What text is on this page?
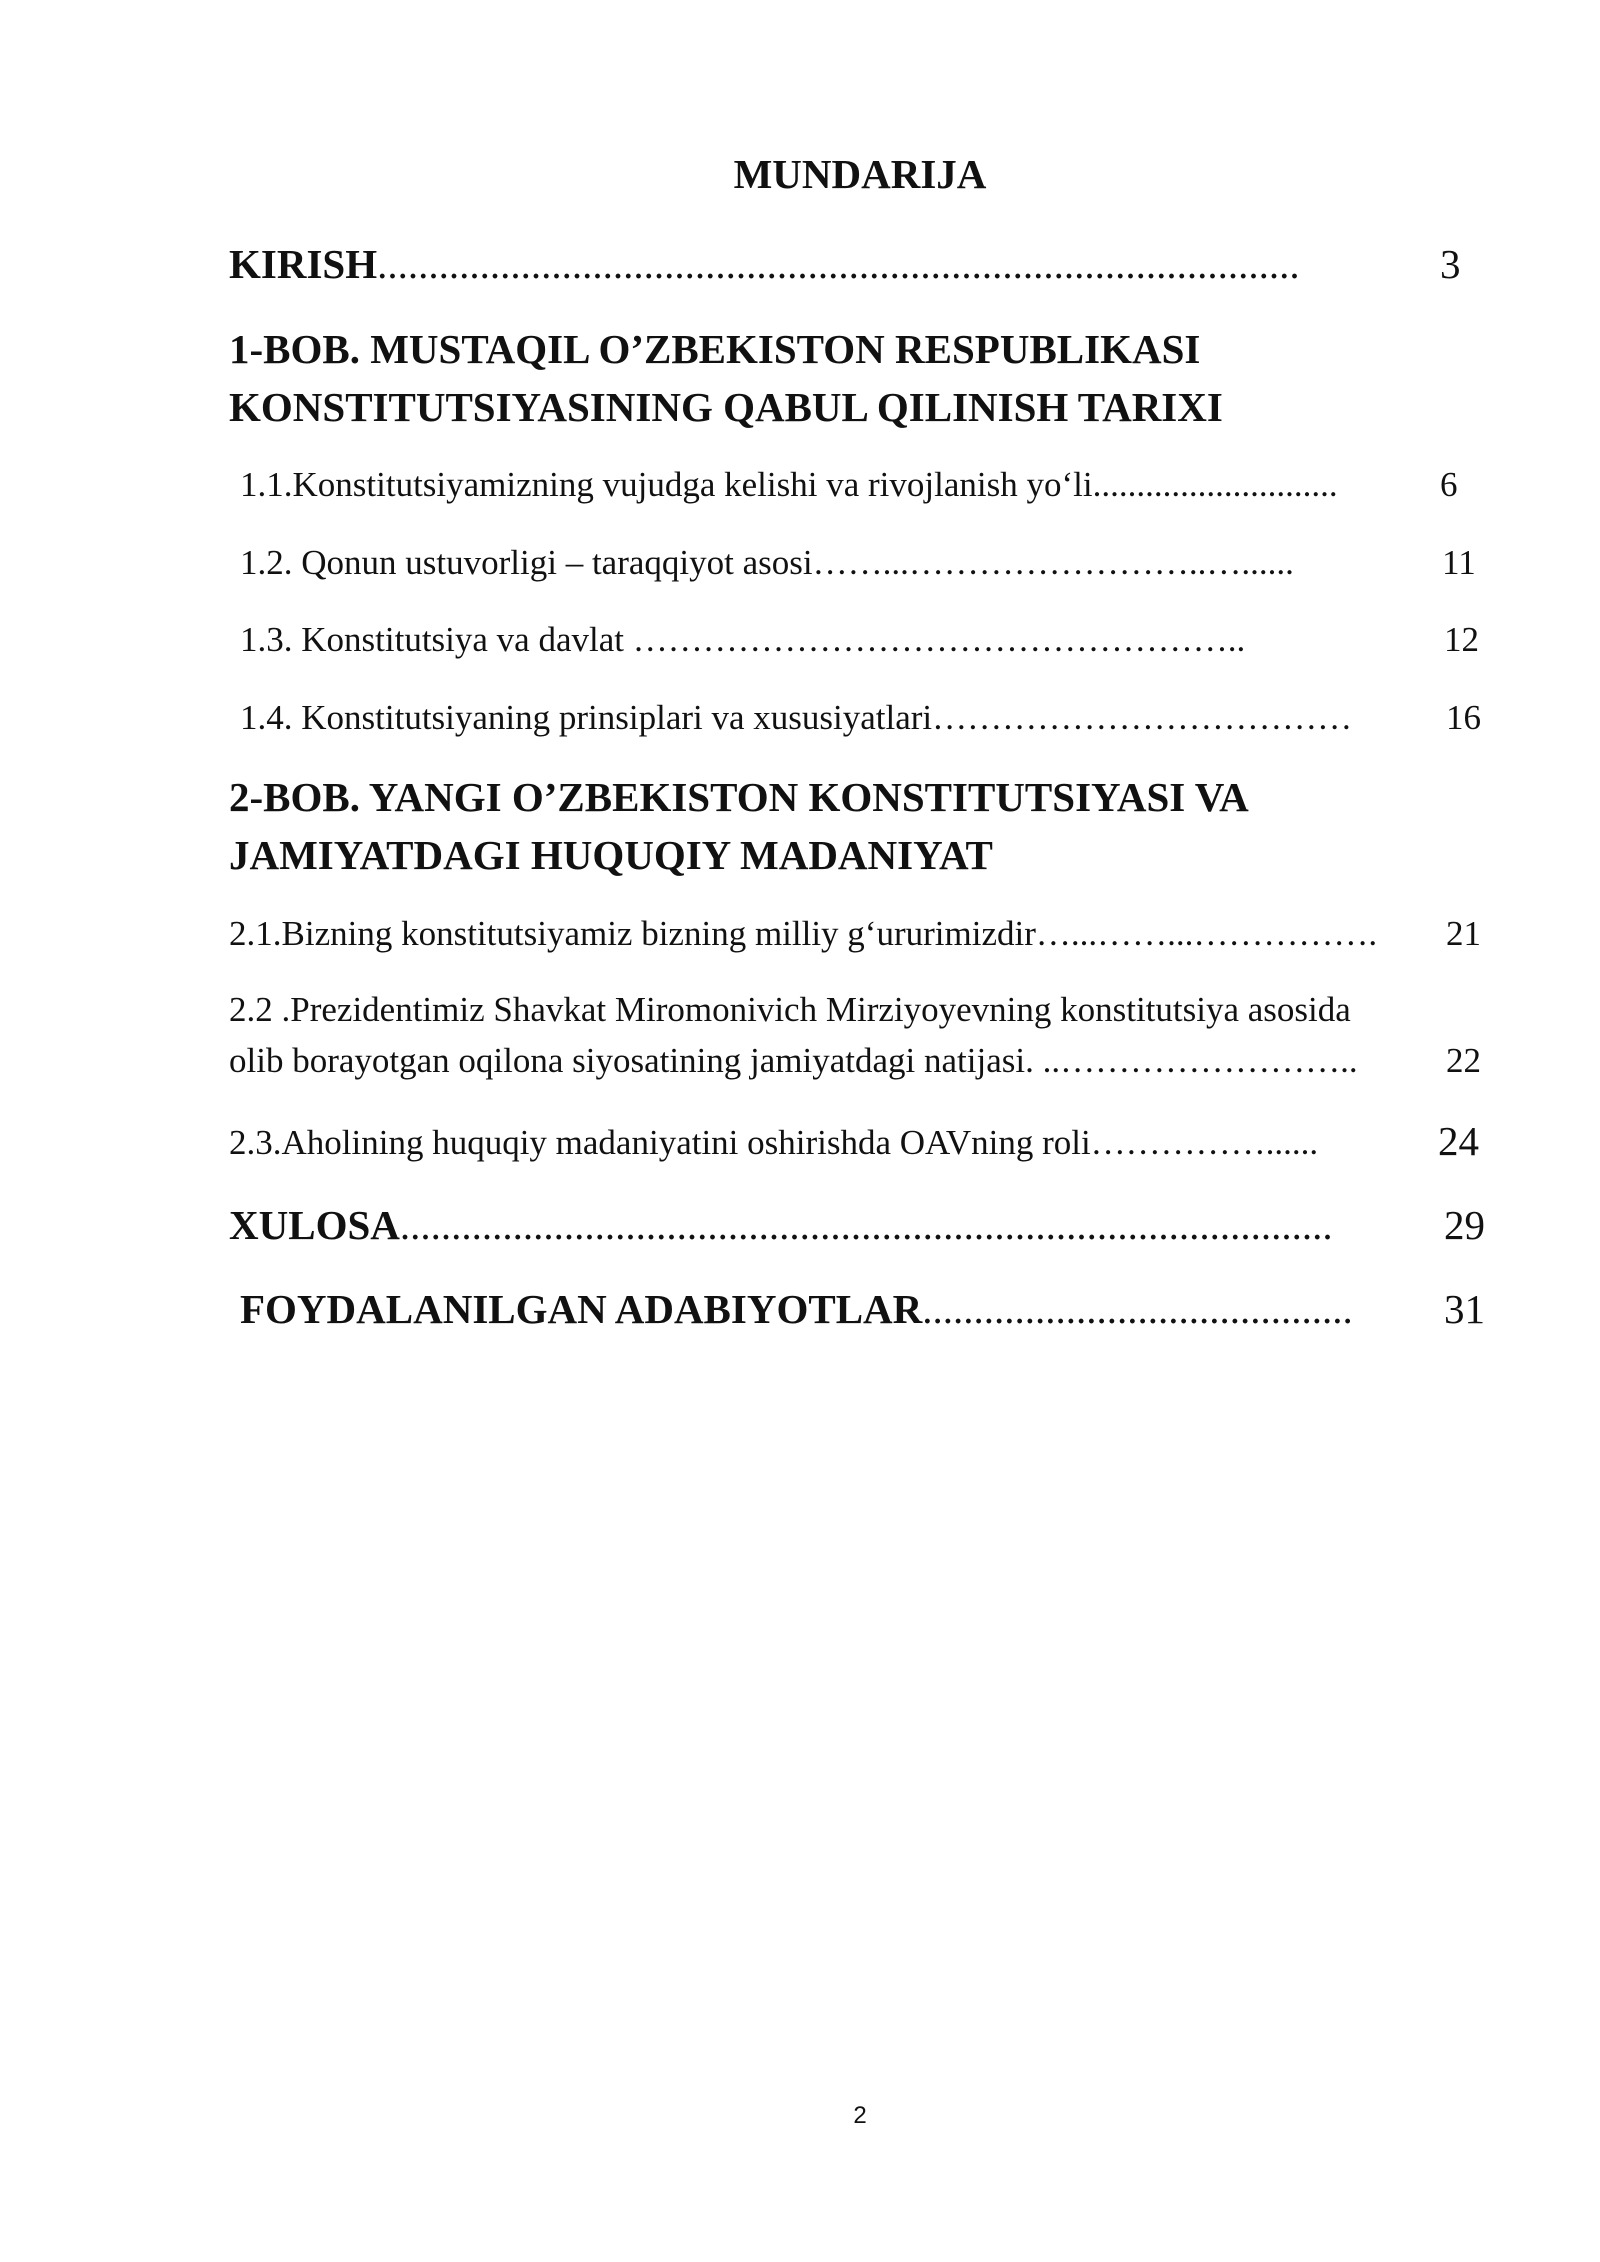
MUNDARIJA
KIRISH..........................................................................................	3
1-BOB. MUSTAQIL O’ZBEKISTON RESPUBLIKASI
KONSTITUTSIYASINING QABUL QILINISH TARIXI
1.1.Konstitutsiyamizning vujudga kelishi va rivojlanish yo‘li............................	6
1.2. Qonun ustuvorligi – taraqqiyot asosi……...……………………..…......	11
1.3. Konstitutsiya va davlat ……………………………………………..	12
1.4. Konstitutsiyaning prinsiplari va xususiyatlari………………………………	16
2-BOB. YANGI O’ZBEKISTON KONSTITUTSIYASI VA
JAMIYATDAGI HUQUQIY MADANIYAT
2.1.Bizning konstitutsiyamiz bizning milliy g‘ururimizdir…...……...……………. 21
2.2 .Prezidentimiz Shavkat Miromonivich Mirziyoyevning konstitutsiya asosida
olib borayotgan oqilona siyosatining jamiyatdagi natijasi. ..……………………..	22
2.3.Aholining huquqiy madaniyatini oshirishda OAVning roli……………......	24
XULOSA...........................................................................................	29
FOYDALANILGAN ADABIYOTLAR.......................................... 31
2
